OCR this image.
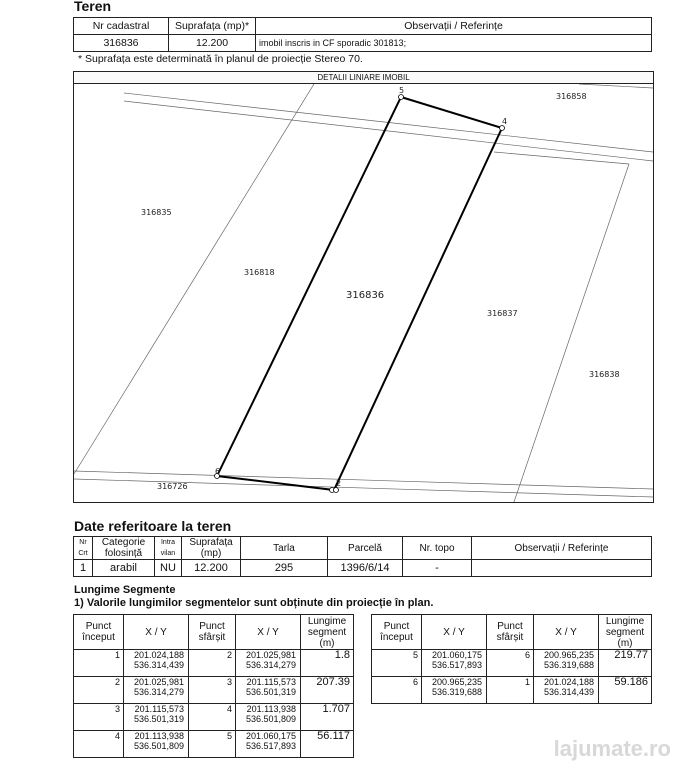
Teren
Nr cadastral	Suprafața (mp)*	Observații / Referințe
316836	12.200	imobil inscris in CF sporadic 301813;
* Suprafața este determinată în planul de proiecție Stereo 70.
DETALII LINIARE IMOBIL
5
4
2
6
316858
316835
316818
316836
316837
316838
316726
Date referitoare la teren
Nr Crt	Categorie folosință	Intra vilan	Suprafața (mp)	Tarla	Parcelă	Nr. topo	Observații / Referințe
1	arabil	NU	12.200	295	1396/6/14	-	
Lungime Segmente
1) Valorile lungimilor segmentelor sunt obținute din proiecție în plan.
Punct început	X / Y	Punct sfârșit	X / Y	Lungime segment (m)
1	201.024,188
536.314,439	2	201.025,981
536.314,279	1.8
2	201.025,981
536.314,279	3	201.115,573
536.501,319	207.39
3	201.115,573
536.501,319	4	201.113,938
536.501,809	1.707
4	201.113,938
536.501,809	5	201.060,175
536.517,893	56.117
Punct început	X / Y	Punct sfârșit	X / Y	Lungime segment (m)
5	201.060,175
536.517,893	6	200.965,235
536.319,688	219.77
6	200.965,235
536.319,688	1	201.024,188
536.314,439	59.186
lajumate.ro
